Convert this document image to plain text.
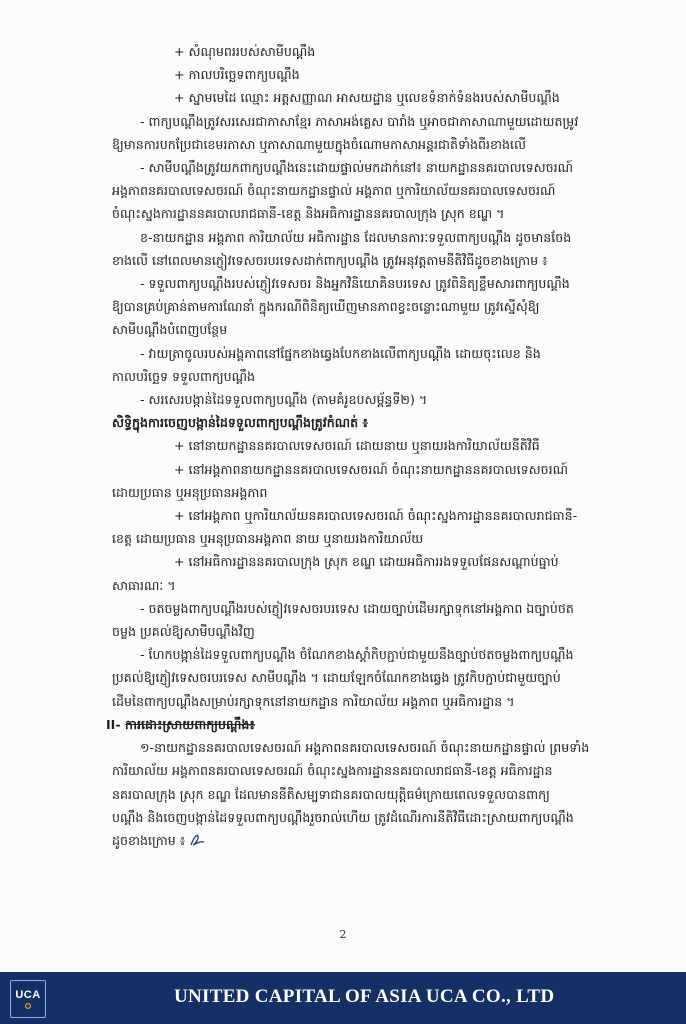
+ សំណុមពររបស់សាមីបណ្តឹង
+ កាលបរិច្ឆេទពាក្យបណ្តឹង
+ ស្នាមមេដៃ ឈ្មោះ អត្តសញ្ញាណ អាសយដ្ឋាន ឬលេខទំនាក់ទំនងរបស់សាមីបណ្តឹង
- ពាក្យបណ្តឹងត្រូវសរសេរជាភាសាខ្មែរ ភាសាអង់គ្លេស បារាំង ឬអាចជាភាសាណាមួយដោយតម្រូវ
ឱ្យមានការបកប្រែជាខេមរភាសា ឬភាសាណាមួយក្នុងចំណោមភាសាអន្តរជាតិទាំងពីរខាងលើ
- សាមីបណ្តឹងត្រូវយកពាក្យបណ្តឹងនេះដោយផ្ទាល់មកដាក់នៅ៖ នាយកដ្ឋាននគរបាលទេសចរណ៍
អង្គភាពនគរបាលទេសចរណ៍ ចំណុះនាយកដ្ឋានផ្ទាល់ អង្គភាព ឬការិយាល័យនគរបាលទេសចរណ៍
ចំណុះស្នងការដ្ឋាននគរបាលរាជធានី-ខេត្ត និងអធិការដ្ឋាននគរបាលក្រុង ស្រុក ខណ្ឌ ។
ខ-នាយកដ្ឋាន អង្គភាព ការិយាល័យ អធិការដ្ឋាន ដែលមានភារៈទទួលពាក្យបណ្តឹង ដូចមានចែង
ខាងលើ នៅពេលមានភ្ញៀវទេសចរបរទេសដាក់ពាក្យបណ្តឹង ត្រូវអនុវត្តតាមនីតិវិធីដូចខាងក្រោម ៖
- ទទួលពាក្យបណ្តឹងរបស់ភ្ញៀវទេសចរ និងអ្នកវិនិយោគិនបរទេស ត្រូវពិនិត្យខ្លឹមសារពាក្យបណ្តឹង
ឱ្យបានគ្រប់គ្រាន់តាមការណែនាំ ក្នុងករណីពិនិត្យឃើញមានភាពខ្វះចន្លោះណាមួយ ត្រូវស្នើសុំឱ្យ
សាមីបណ្តឹងបំពេញបន្ថែម
- វាយត្រាចូលរបស់អង្គភាពនៅផ្នែកខាងឆ្វេងបែកខាងលើពាក្យបណ្តឹង ដោយចុះលេខ និង
កាលបរិច្ឆេទ ទទួលពាក្យបណ្តឹង
- សរសេរបង្កាន់ដៃទទួលពាក្យបណ្តឹង (តាមគំរូឧបសម្ព័ន្ធទី២) ។
សិទ្ធិក្នុងការចេញបង្កាន់ដៃទទួលពាក្យបណ្តឹងត្រូវកំណត់ ៖
+ នៅនាយកដ្ឋាននគរបាលទេសចរណ៍ ដោយនាយ ឬនាយរងការិយាល័យនីតិវិធី
+ នៅអង្គភាពនាយកដ្ឋាននគរបាលទេសចរណ៍ ចំណុះនាយកដ្ឋាននគរបាលទេសចរណ៍
ដោយប្រធាន ឬអនុប្រធានអង្គភាព
+ នៅអង្គភាព ឬការិយាល័យនគរបាលទេសចរណ៍ ចំណុះស្នងការដ្ឋាននគរបាលរាជធានី-
ខេត្ត ដោយប្រធាន ឬអនុប្រធានអង្គភាព នាយ ឬនាយរងការិយាល័យ
+ នៅអធិការដ្ឋាននគរបាលក្រុង ស្រុក ខណ្ឌ ដោយអធិការរងទទួលផែនសណ្តាប់ធ្នាប់
សាធារណៈ ។
- ចតចម្លងពាក្យបណ្តឹងរបស់ភ្ញៀវទេសចរបរទេស ដោយច្បាប់ដើមរក្សាទុកនៅអង្គភាព ឯច្បាប់ថត
ចម្លង ប្រគល់ឱ្យសាមីបណ្តឹងវិញ
- ហែកបង្កាន់ដៃទទួលពាក្យបណ្តឹង ចំណែកខាងស្តាំកិបភ្ជាប់ជាមួយនឹងច្បាប់ថតចម្លងពាក្យបណ្តឹង
ប្រគល់ឱ្យភ្ញៀវទេសចរបរទេស សាមីបណ្តឹង ។ ដោយឡែកចំណែកខាងឆ្វេង ត្រូវកិបភ្ជាប់ជាមួយច្បាប់
ដើមនៃពាក្យបណ្តឹងសម្រាប់រក្សាទុកនៅនាយកដ្ឋាន ការិយាល័យ អង្គភាព ឬអធិការដ្ឋាន ។
II- ការដោះស្រាយពាក្យបណ្តឹង៖
១-នាយកដ្ឋាននគរបាលទេសចរណ៍ អង្គភាពនគរបាលទេសចរណ៍ ចំណុះនាយកដ្ឋានផ្ទាល់ ព្រមទាំង
ការិយាល័យ អង្គភាពនគរបាលទេសចរណ៍ ចំណុះស្នងការដ្ឋាននគរបាលរាជធានី-ខេត្ត អធិការដ្ឋាន
នគរបាលក្រុង ស្រុក ខណ្ឌ ដែលមាននីតិសម្បទាជានគរបាលយុត្តិធម៌ក្រោយពេលទទួលបានពាក្យ
បណ្តឹង និងចេញបង្កាន់ដៃទទួលពាក្យបណ្តឹងរួចរាល់ហើយ ត្រូវដំណើរការនីតិវិធីដោះស្រាយពាក្យបណ្តឹង
ដូចខាងក្រោម ៖
2
UCA	UNITED CAPITAL OF ASIA UCA CO., LTD
